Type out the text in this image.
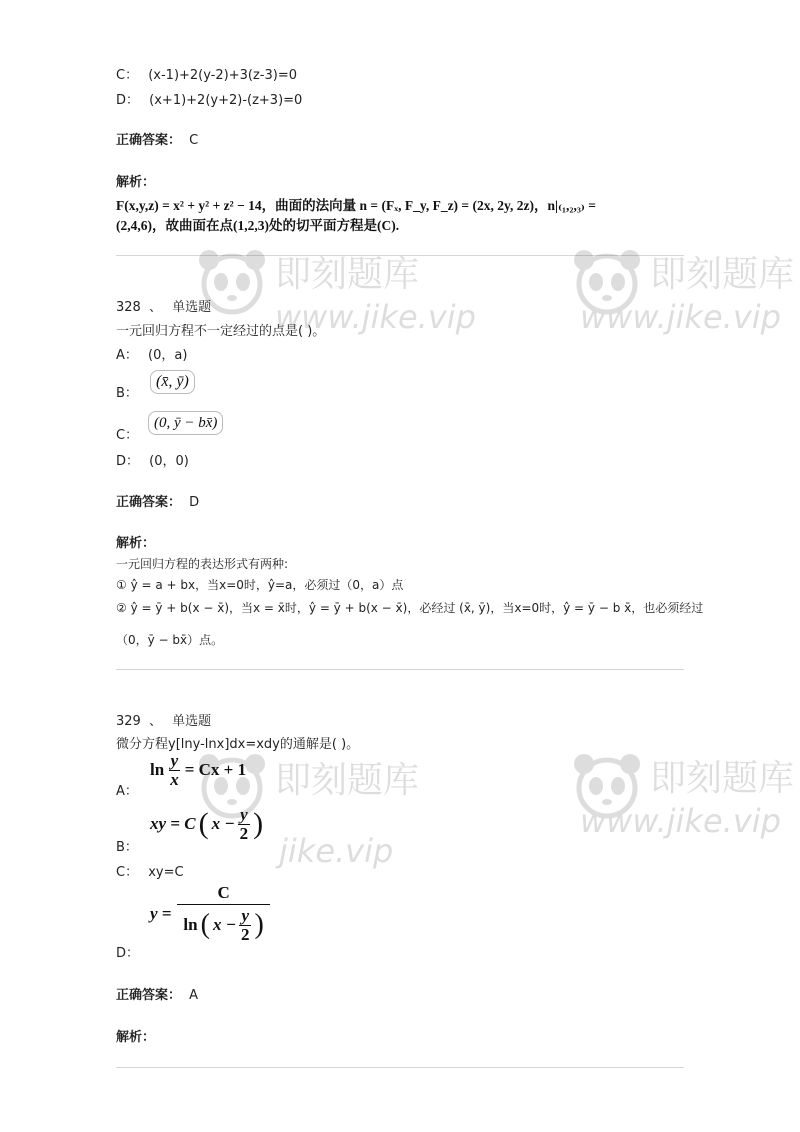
C： (x-1)+2(y-2)+3(z-3)=0
D： (x+1)+2(y+2)-(z+3)=0
正确答案： C
解析：
F(x,y,z) = x² + y² + z² − 14，曲面的法向量 n = (Fₓ, F_y, F_z) = (2x, 2y, 2z)，n|₍₁,₂,₃₎ =
(2,4,6)，故曲面在点(1,2,3)处的切平面方程是(C).
328 、 单选题
一元回归方程不一定经过的点是( )。
A： (0，a)
B：
(x̄, ȳ)
C：
(0, ȳ − bx̄)
D： (0，0)
正确答案： D
解析：
一元回归方程的表达形式有两种:
① ŷ = a + bx，当x=0时，ŷ=a，必须过（0，a）点
② ŷ = ȳ + b(x − x̄)，当x = x̄时，ŷ = ȳ + b(x − x̄)，必经过 (x̄, ȳ)，当x=0时，ŷ = ȳ − b x̄，也必须经过
（0，ȳ − bx̄）点。
329 、 单选题
微分方程y[lny-lnx]dx=xdy的通解是( )。
A：
$\ln \frac{y}{x} = Cx + 1$
B：
xy = C ( $x - \frac{y}{2}$ )
C： xy=C
D：
y =
C
ln ( $x - \frac{y}{2}$ )
正确答案： A
解析：
即刻题库
www.jike.vip
即刻题库
www.jike.vip
即刻题库
jike.vip
即刻题库
www.jike.vip
